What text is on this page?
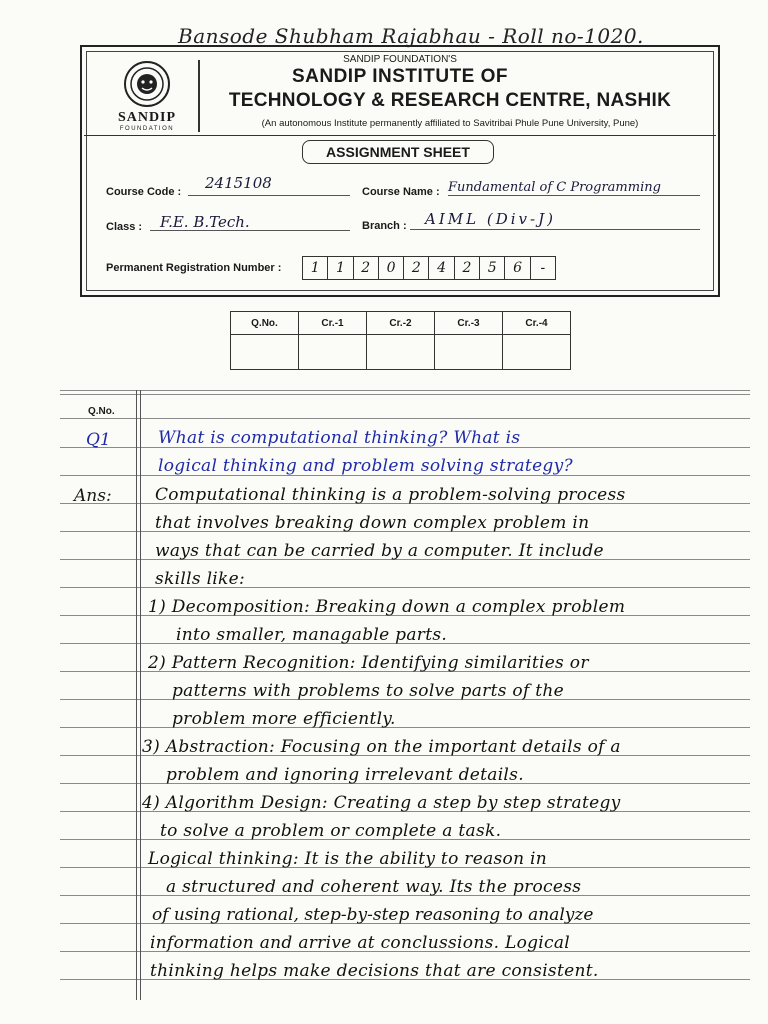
Bansode Shubham Rajabhau - Roll no-1020.
SANDIP
FOUNDATION
SANDIP FOUNDATION'S
SANDIP INSTITUTE OF
TECHNOLOGY & RESEARCH CENTRE, NASHIK
(An autonomous Institute permanently affiliated to Savitribai Phule Pune University, Pune)
ASSIGNMENT SHEET
Course Code : 2415108	Course Name : Fundamental of C Programming
Class : F.E. B.Tech.	Branch : AIML (Div-J)
Permanent Registration Number :	1	1	2	0	2	4	2	5	6	-
Q.No.	Cr.-1	Cr.-2	Cr.-3	Cr.-4

Q.No.
Q1
Ans:
What is computational thinking? What is
logical thinking and problem solving strategy?
Computational thinking is a problem-solving process
that involves breaking down complex problem in
ways that can be carried by a computer. It include
skills like:
1) Decomposition: Breaking down a complex problem
into smaller, managable parts.
2) Pattern Recognition: Identifying similarities or
patterns with problems to solve parts of the
problem more efficiently.
3) Abstraction: Focusing on the important details of a
problem and ignoring irrelevant details.
4) Algorithm Design: Creating a step by step strategy
to solve a problem or complete a task.
Logical thinking: It is the ability to reason in
a structured and coherent way. Its the process
of using rational, step-by-step reasoning to analyze
information and arrive at conclussions. Logical
thinking helps make decisions that are consistent.
